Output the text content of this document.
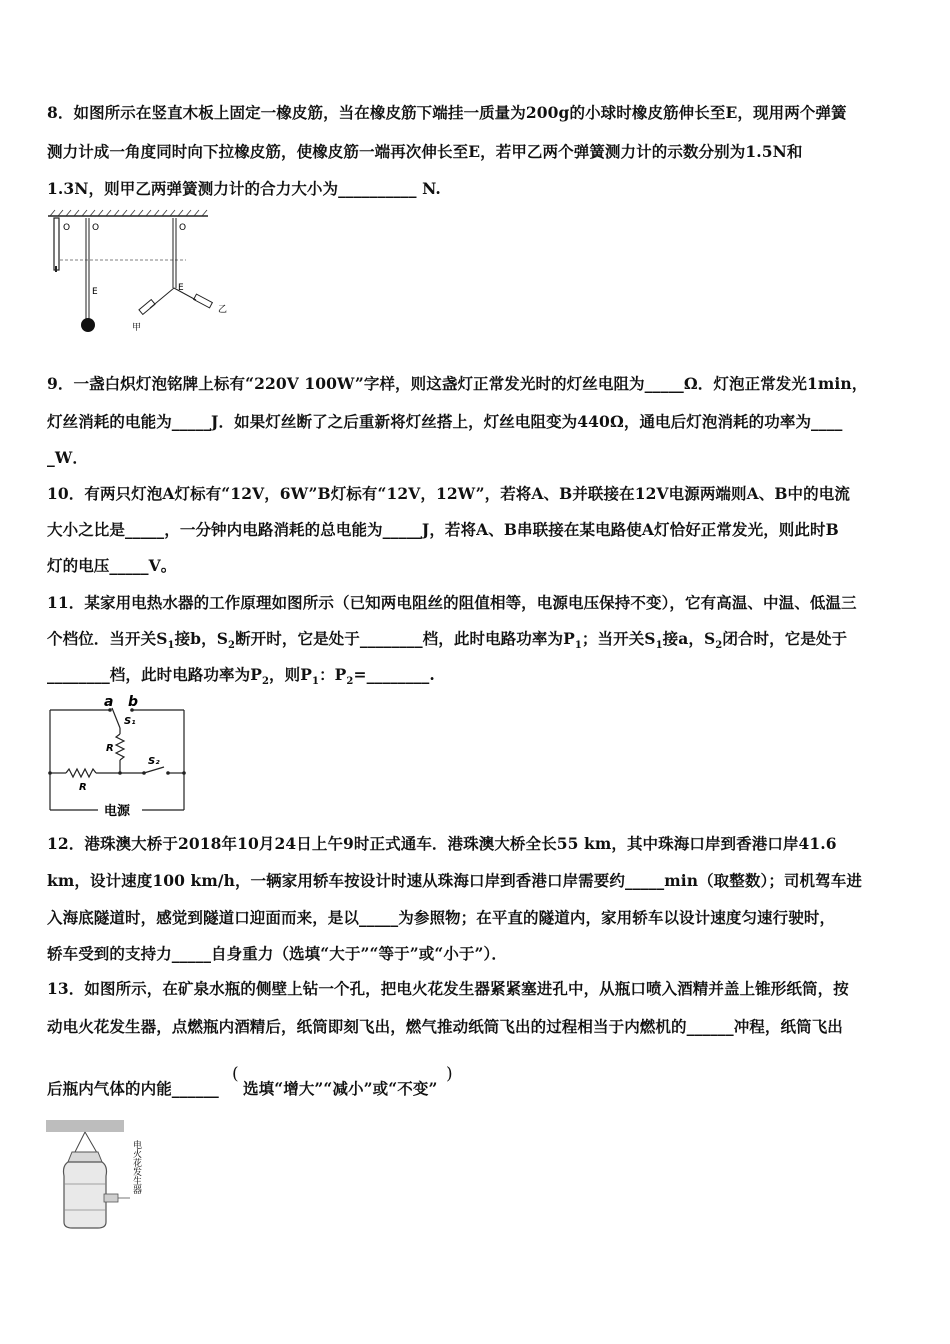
8．如图所示在竖直木板上固定一橡皮筋，当在橡皮筋下端挂一质量为200g的小球时橡皮筋伸长至E，现用两个弹簧
测力计成一角度同时向下拉橡皮筋，使橡皮筋一端再次伸长至E，若甲乙两个弹簧测力计的示数分别为1.5N和
1.3N，则甲乙两弹簧测力计的合力大小为__________ N.
O O	O
E	E
甲
乙
9．一盏白炽灯泡铭牌上标有“220V 100W”字样，则这盏灯正常发光时的灯丝电阻为_____Ω．灯泡正常发光1min，
灯丝消耗的电能为_____J．如果灯丝断了之后重新将灯丝搭上，灯丝电阻变为440Ω，通电后灯泡消耗的功率为____
_W．
10．有两只灯泡A灯标有“12V，6W”B灯标有“12V，12W”，若将A、B并联接在12V电源两端则A、B中的电流
大小之比是_____，一分钟内电路消耗的总电能为_____J，若将A、B串联接在某电路使A灯恰好正常发光，则此时B
灯的电压_____V。
11．某家用电热水器的工作原理如图所示（已知两电阻丝的阻值相等，电源电压保持不变），它有高温、中温、低温三
个档位．当开关$S_1$接b，$S_2$断开时，它是处于________档，此时电路功率为$P_1$；当开关$S_1$接a，$S_2$闭合时，它是处于
________档，此时电路功率为$P_2$，则$P_1$：$P_2=\_\_\_\_\_\_\_\_$.
a b
S₁
S₂
R
R
电源
12．港珠澳大桥于2018年10月24日上午9时正式通车．港珠澳大桥全长55 km，其中珠海口岸到香港口岸41.6
km，设计速度100 km/h，一辆家用轿车按设计时速从珠海口岸到香港口岸需要约_____min（取整数）；司机驾车进
入海底隧道时，感觉到隧道口迎面而来，是以_____为参照物；在平直的隧道内，家用轿车以设计速度匀速行驶时，
轿车受到的支持力_____自身重力（选填“大于”“等于”或“小于”）．
13．如图所示，在矿泉水瓶的侧壁上钻一个孔，把电火花发生器紧紧塞进孔中，从瓶口喷入酒精并盖上锥形纸筒，按
动电火花发生器，点燃瓶内酒精后，纸筒即刻飞出，燃气推动纸筒飞出的过程相当于内燃机的______冲程，纸筒飞出
后瓶内气体的内能______
(
选填“增大”“减小”或“不变”
)
电火花发生器
